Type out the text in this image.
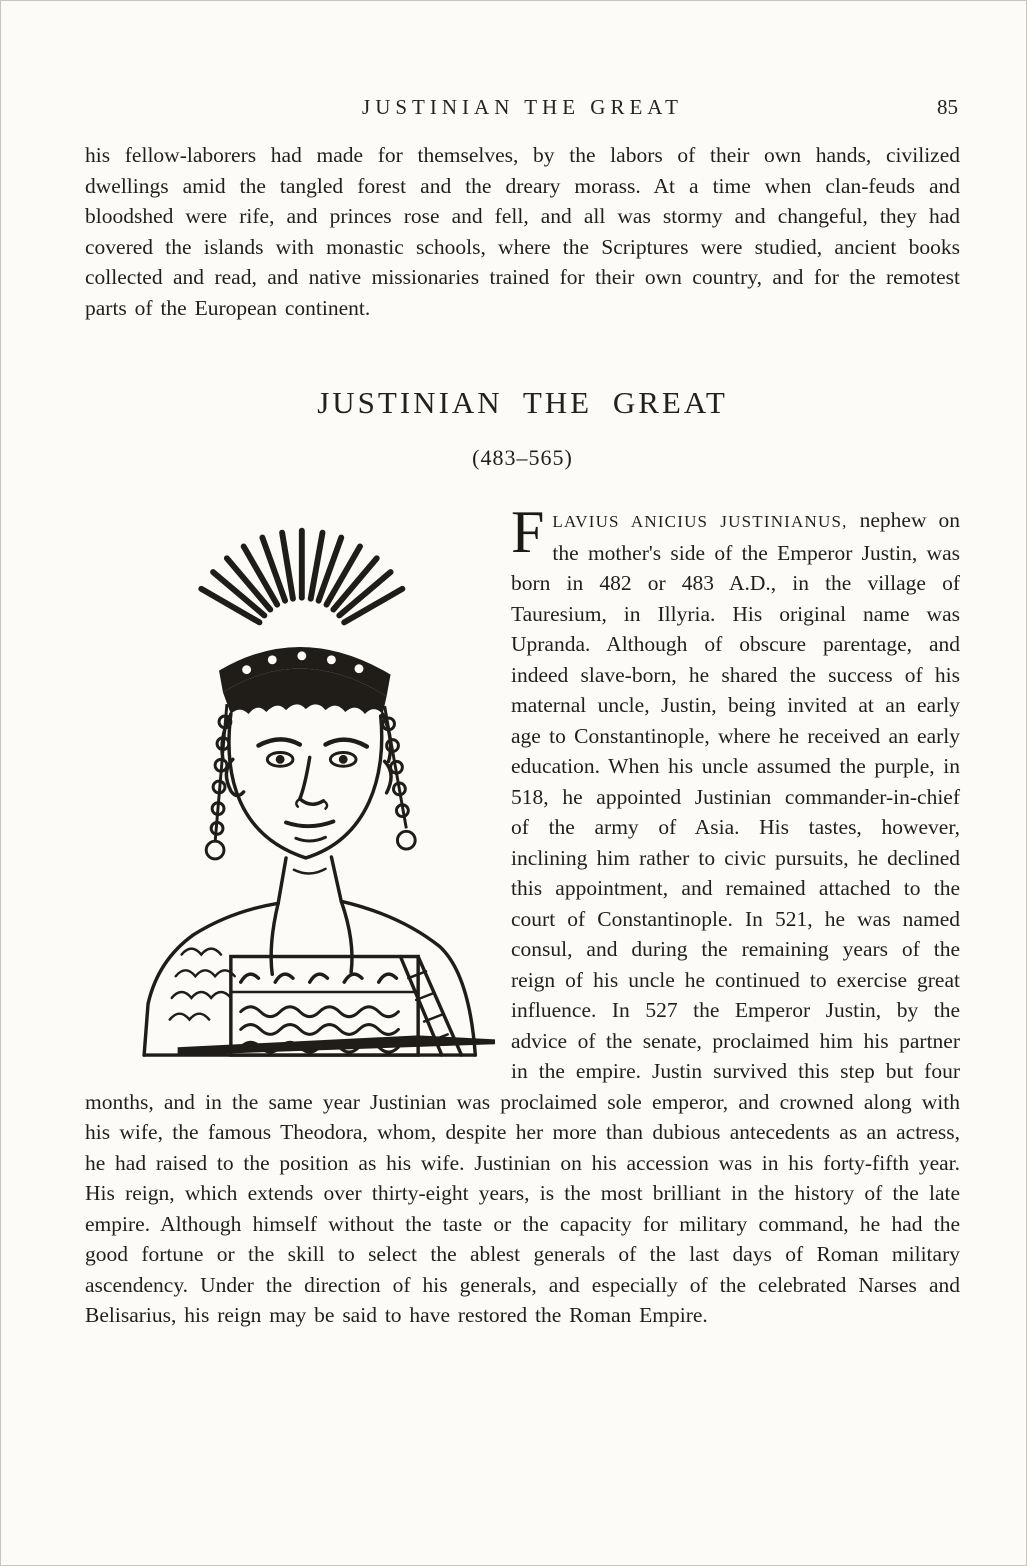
JUSTINIAN THE GREAT	85

his fellow-laborers had made for themselves, by the labors of their own hands, civilized dwellings amid the tangled forest and the dreary morass. At a time when clan-feuds and bloodshed were rife, and princes rose and fell, and all was stormy and changeful, they had covered the islands with monastic schools, where the Scriptures were studied, ancient books collected and read, and native missionaries trained for their own country, and for the remotest parts of the European continent.

JUSTINIAN THE GREAT
(483–565)

F LAVIUS ANICIUS JUSTINIANUS, nephew on the mother's side of the Emperor Justin, was born in 482 or 483 A.D., in the village of Tauresium, in Illyria. His original name was Upranda. Although of obscure parentage, and indeed slave-born, he shared the success of his maternal uncle, Justin, being invited at an early age to Constantinople, where he received an early education. When his uncle assumed the purple, in 518, he appointed Justinian commander-in-chief of the army of Asia. His tastes, however, inclining him rather to civic pursuits, he declined this appointment, and remained attached to the court of Constantinople. In 521, he was named consul, and during the remaining years of the reign of his uncle he continued to exercise great influence. In 527 the Emperor Justin, by the advice of the senate, proclaimed him his partner in the empire. Justin survived this step but four months, and in the same year Justinian was proclaimed sole emperor, and crowned along with his wife, the famous Theodora, whom, despite her more than dubious antecedents as an actress, he had raised to the position as his wife. Justinian on his accession was in his forty-fifth year. His reign, which extends over thirty-eight years, is the most brilliant in the history of the late empire. Although himself without the taste or the capacity for military command, he had the good fortune or the skill to select the ablest generals of the last days of Roman military ascendency. Under the direction of his generals, and especially of the celebrated Narses and Belisarius, his reign may be said to have restored the Roman Empire.
